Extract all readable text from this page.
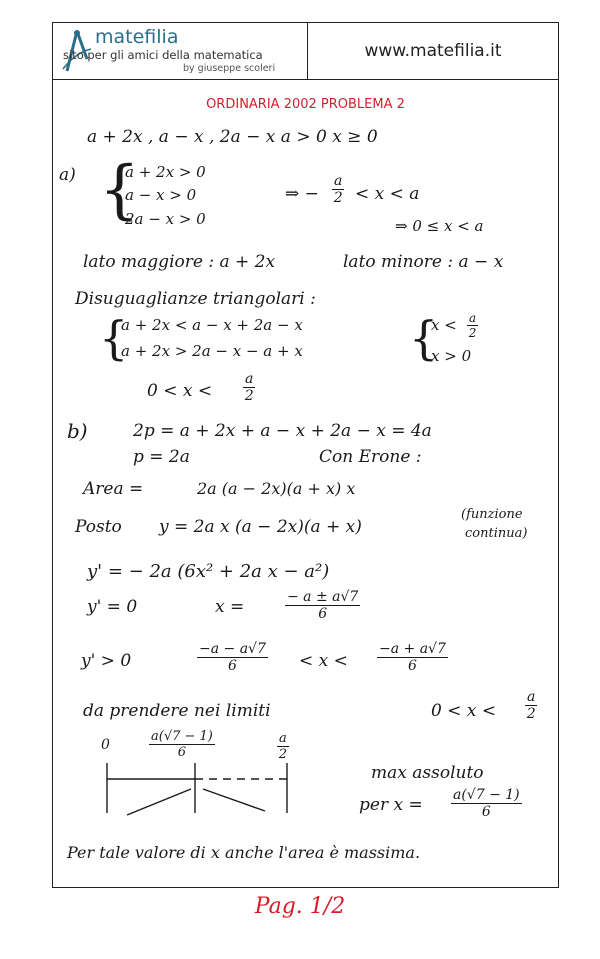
matefilia
sito per gli amici della matematica
by giuseppe scoleri
www.matefilia.it
ORDINARIA 2002 PROBLEMA 2
a + 2x , a − x , 2a − x a > 0 x ≥ 0
a) {
a + 2x > 0
a − x > 0
2a − x > 0
⇒ − $\frac{a}{2} < x < a$
⇒ 0 ≤ x < a
lato maggiore : a + 2x	lato minore : a − x
Disuguaglianze triangolari :
{
a + 2x < a − x + 2a − x
a + 2x > 2a − x − a + x {
$x < \frac{a}{2}$
x > 0
$0 < x < \frac{a}{2}$
b)	2p = a + 2x + a − x + 2a − x = 4a
p = 2a	Con Erone :
Area =	2a (a − 2x)(a + x) x
Posto y = 2a x (a − 2x)(a + x)
(funzione
continua)
y' = − 2a (6x² + 2a x − a²)
y' = 0	x =	$\frac{- a \pm a√7}{6}$
y' > 0	$\frac{-a - a√7}{6} < x < \frac{-a + a√7}{6}$
da prendere nei limiti	$0 < x < \frac{a}{2}$
0	$\frac{a(√7 - 1)}{6}$	$\frac{a}{2}$
max assoluto
per $x = \frac{a(√7 - 1)}{6}$
Per tale valore di x anche l'area è massima.
Pag. 1/2
